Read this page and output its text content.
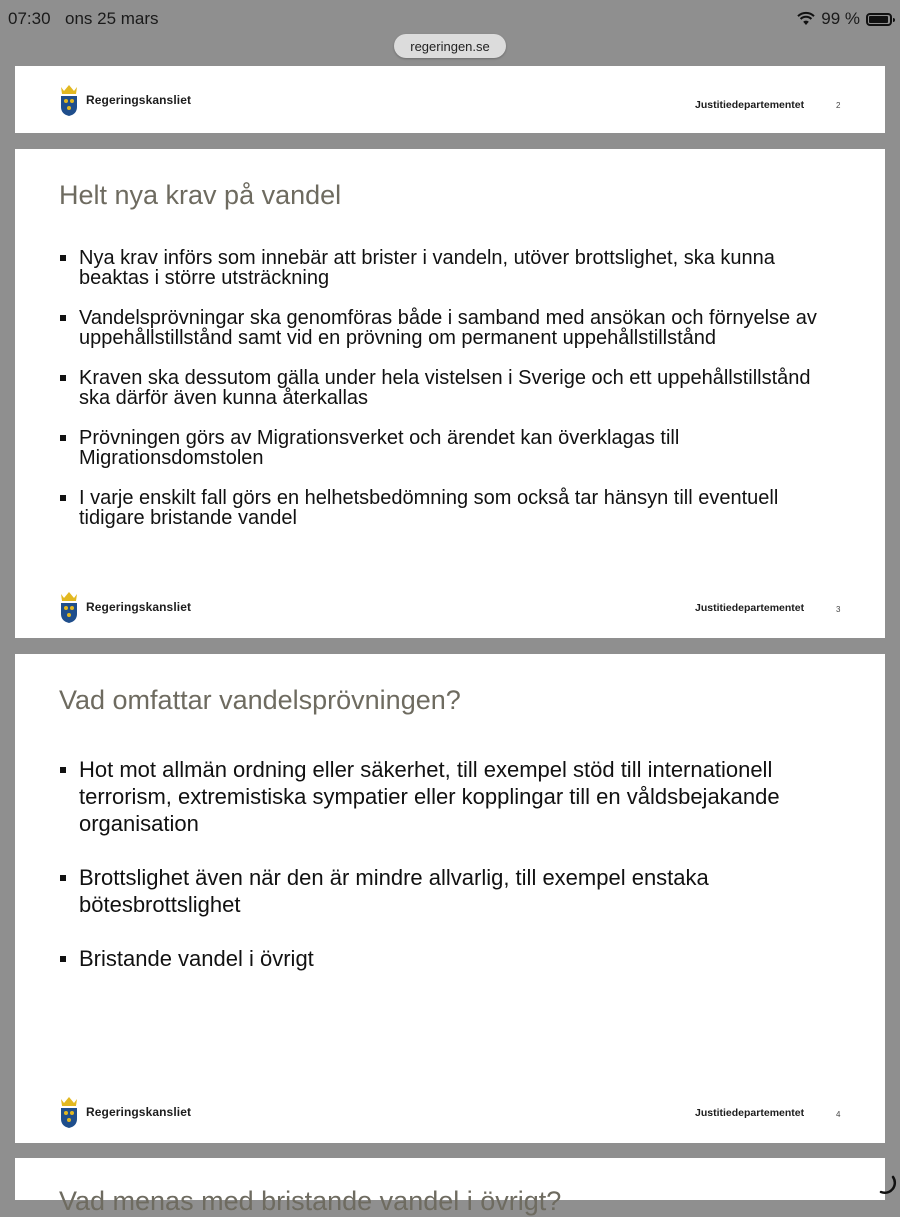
07:30 ons 25 mars	99 %
regeringen.se
Regeringskansliet	Justitiedepartementet	2
Helt nya krav på vandel
Nya krav införs som innebär att brister i vandeln, utöver brottslighet, ska kunna beaktas i större utsträckning
Vandelsprövningar ska genomföras både i samband med ansökan och förnyelse av uppehållstillstånd samt vid en prövning om permanent uppehållstillstånd
Kraven ska dessutom gälla under hela vistelsen i Sverige och ett uppehållstillstånd ska därför även kunna återkallas
Prövningen görs av Migrationsverket och ärendet kan överklagas till Migrationsdomstolen
I varje enskilt fall görs en helhetsbedömning som också tar hänsyn till eventuell tidigare bristande vandel
Regeringskansliet	Justitiedepartementet	3
Vad omfattar vandelsprövningen?
Hot mot allmän ordning eller säkerhet, till exempel stöd till internationell terrorism, extremistiska sympatier eller kopplingar till en våldsbejakande organisation
Brottslighet även när den är mindre allvarlig, till exempel enstaka bötesbrottslighet
Bristande vandel i övrigt
Regeringskansliet	Justitiedepartementet	4
Vad menas med bristande vandel i övrigt?
